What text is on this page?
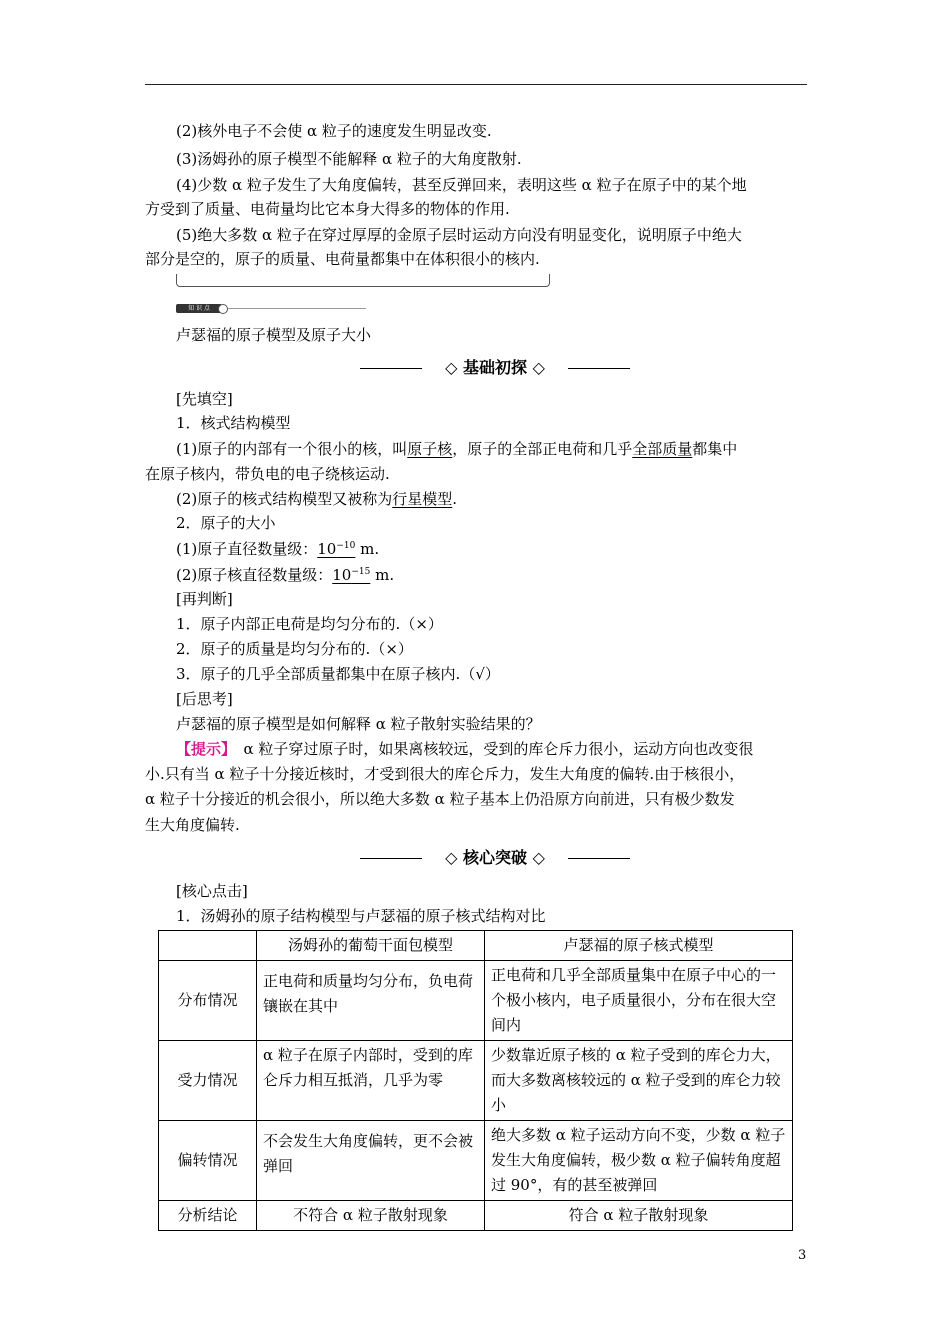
(2)核外电子不会使 α 粒子的速度发生明显改变.
(3)汤姆孙的原子模型不能解释 α 粒子的大角度散射.
(4)少数 α 粒子发生了大角度偏转，甚至反弹回来，表明这些 α 粒子在原子中的某个地
方受到了质量、电荷量均比它本身大得多的物体的作用.
(5)绝大多数 α 粒子在穿过厚厚的金原子层时运动方向没有明显变化，说明原子中绝大
部分是空的，原子的质量、电荷量都集中在体积很小的核内.
知 识 点
卢瑟福的原子模型及原子大小
◇ 基础初探 ◇
[先填空]
1．核式结构模型
(1)原子的内部有一个很小的核，叫原子核，原子的全部正电荷和几乎全部质量都集中
在原子核内，带负电的电子绕核运动.
(2)原子的核式结构模型又被称为行星模型.
2．原子的大小
(1)原子直径数量级：$10^{-10}$ m.
(2)原子核直径数量级：$10^{-15}$ m.
[再判断]
1．原子内部正电荷是均匀分布的.（×）
2．原子的质量是均匀分布的.（×）
3．原子的几乎全部质量都集中在原子核内.（√）
[后思考]
卢瑟福的原子模型是如何解释 α 粒子散射实验结果的？
【提示】　α 粒子穿过原子时，如果离核较远，受到的库仑斥力很小，运动方向也改变很
小.只有当 α 粒子十分接近核时，才受到很大的库仑斥力，发生大角度的偏转.由于核很小，
α 粒子十分接近的机会很小，所以绝大多数 α 粒子基本上仍沿原方向前进，只有极少数发
生大角度偏转.
◇ 核心突破 ◇
[核心点击]
1．汤姆孙的原子结构模型与卢瑟福的原子核式结构对比
	汤姆孙的葡萄干面包模型	卢瑟福的原子核式模型
分布情况	正电荷和质量均匀分布，负电荷镶嵌在其中	正电荷和几乎全部质量集中在原子中心的一个极小核内，电子质量很小，分布在很大空间内
受力情况	α 粒子在原子内部时，受到的库仑斥力相互抵消，几乎为零	少数靠近原子核的 α 粒子受到的库仑力大，而大多数离核较远的 α 粒子受到的库仑力较小
偏转情况	不会发生大角度偏转，更不会被弹回	绝大多数 α 粒子运动方向不变，少数 α 粒子发生大角度偏转，极少数 α 粒子偏转角度超过 90°，有的甚至被弹回
分析结论	不符合 α 粒子散射现象	符合 α 粒子散射现象
3
